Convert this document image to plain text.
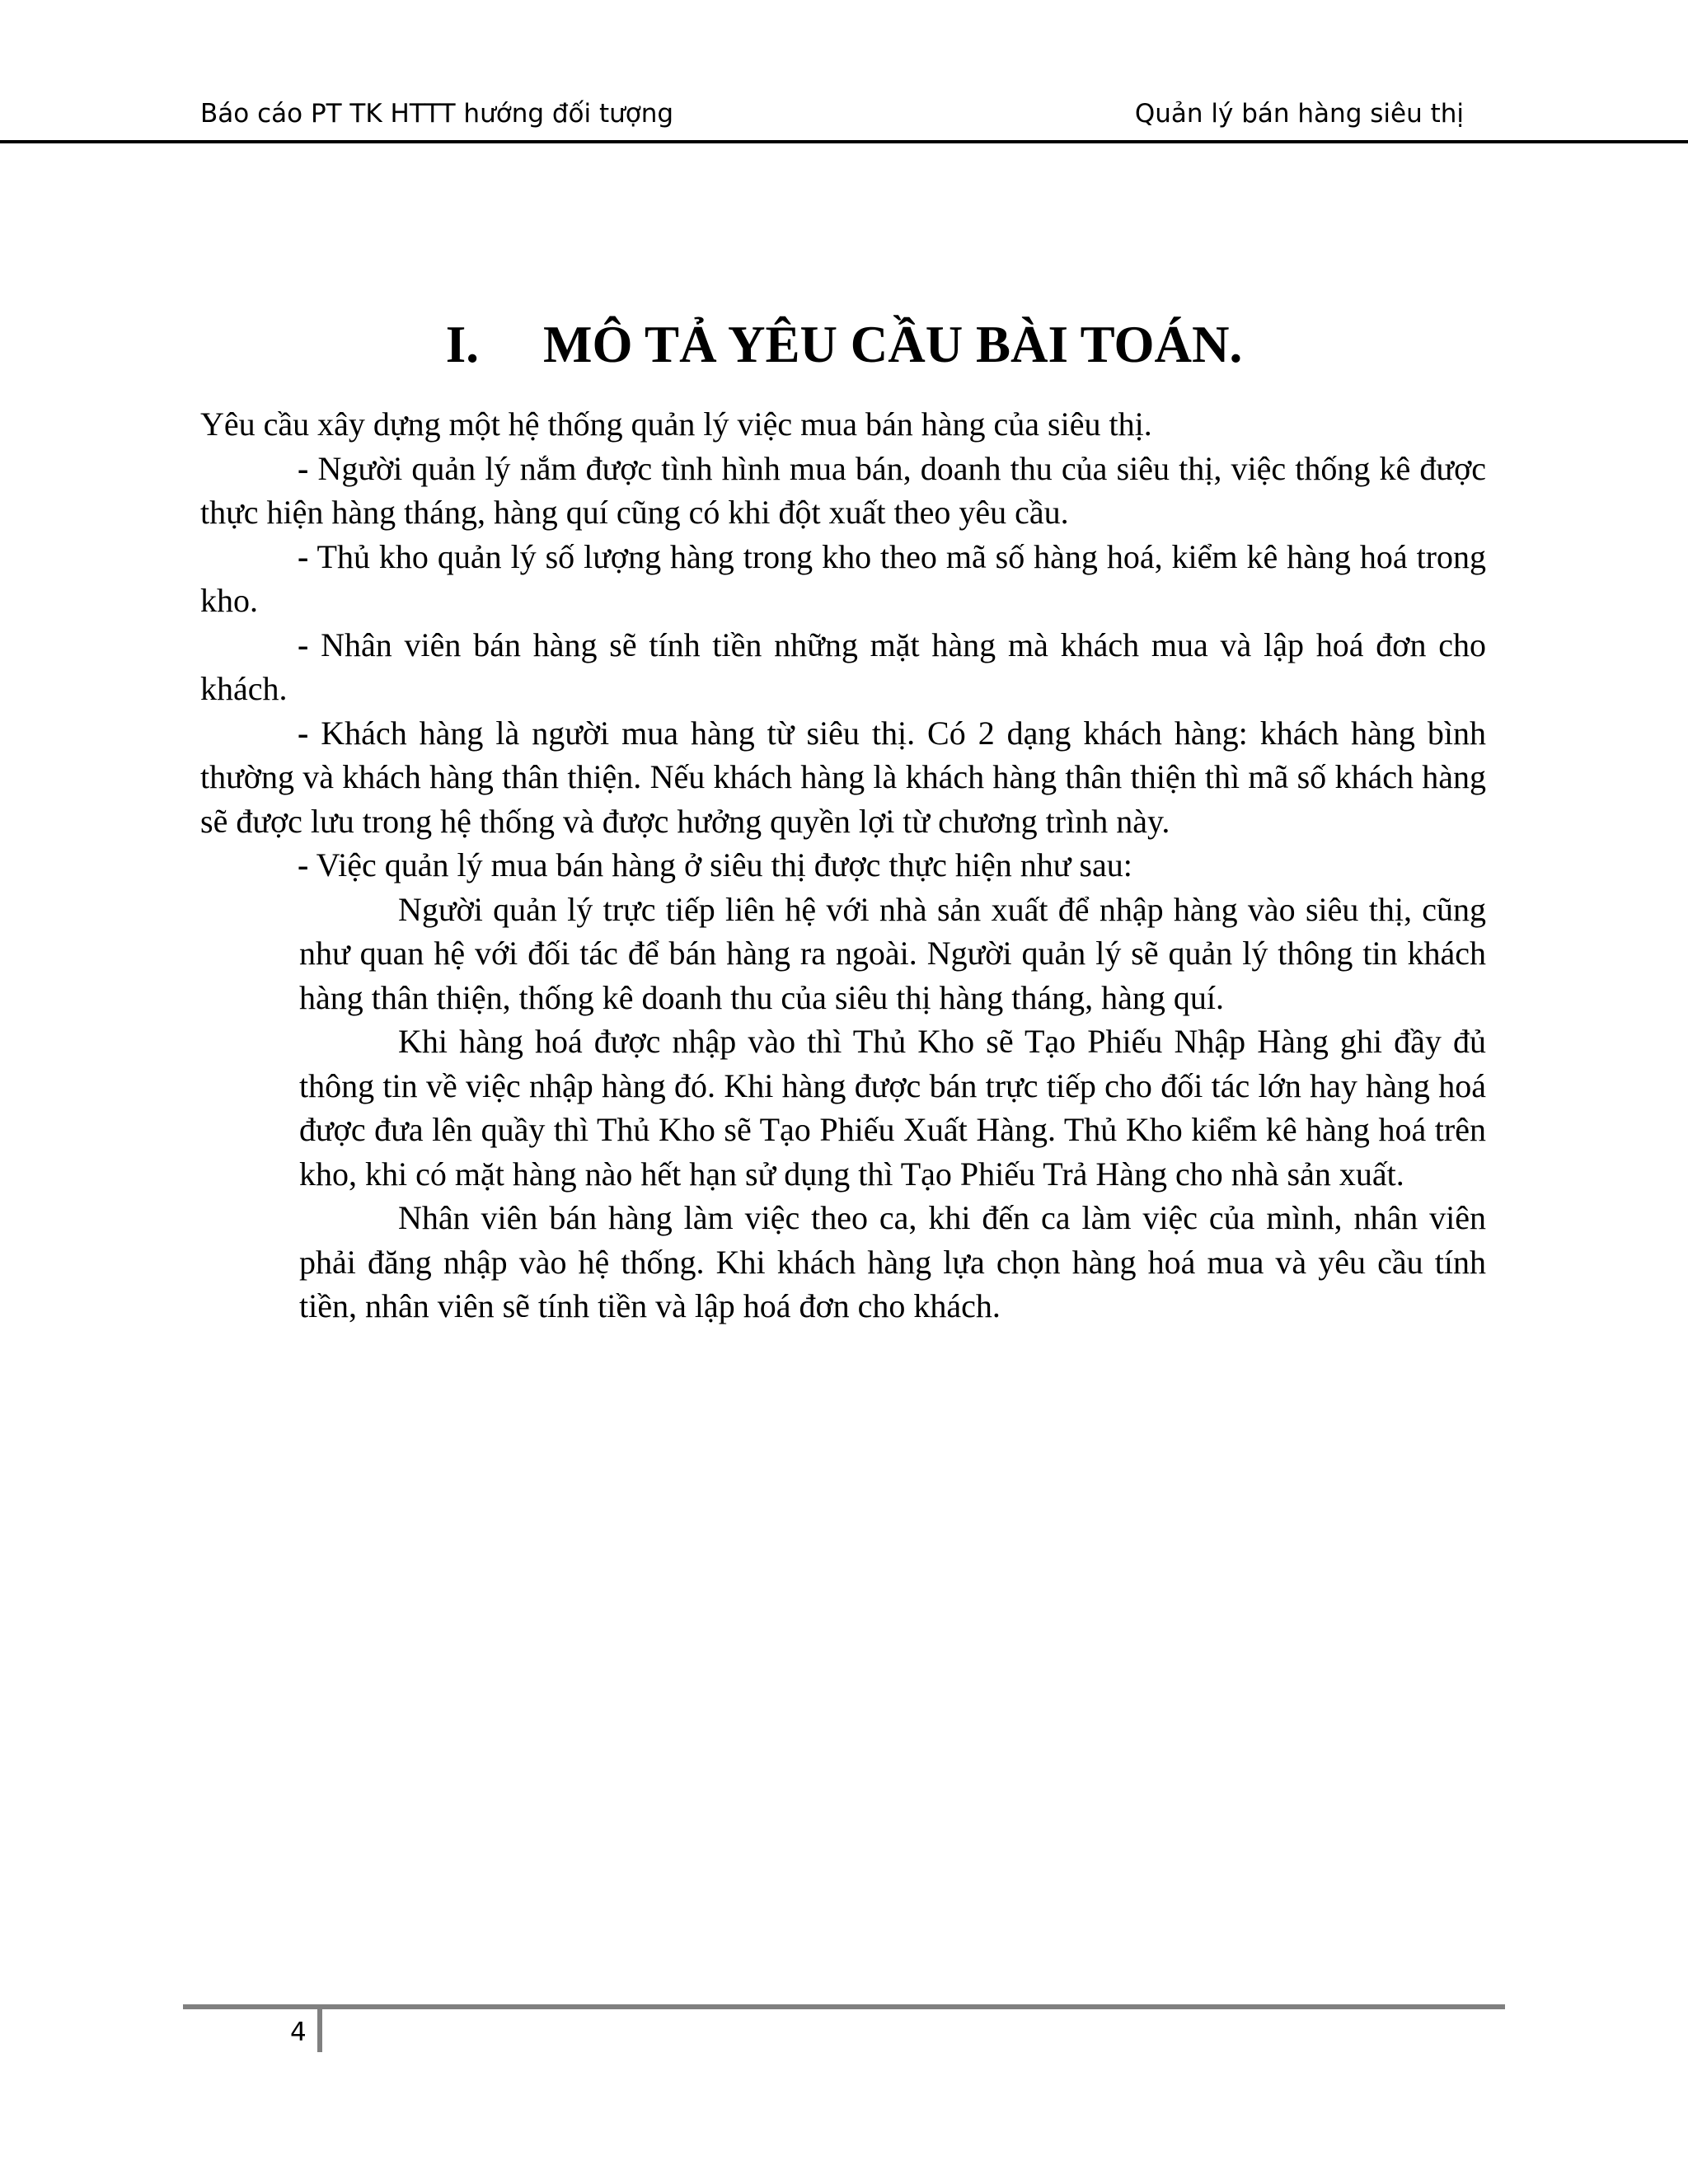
Báo cáo PT TK HTTT hướng đối tượng	Quản lý bán hàng siêu thị
I. MÔ TẢ YÊU CẦU BÀI TOÁN.

Yêu cầu xây dựng một hệ thống quản lý việc mua bán hàng của siêu thị.

- Người quản lý nắm được tình hình mua bán, doanh thu của siêu thị, việc thống kê được thực hiện hàng tháng, hàng quí cũng có khi đột xuất theo yêu cầu.

- Thủ kho quản lý số lượng hàng trong kho theo mã số hàng hoá, kiểm kê hàng hoá trong kho.

- Nhân viên bán hàng sẽ tính tiền những mặt hàng mà khách mua và lập hoá đơn cho khách.

- Khách hàng là người mua hàng từ siêu thị. Có 2 dạng khách hàng: khách hàng bình thường và khách hàng thân thiện. Nếu khách hàng là khách hàng thân thiện thì mã số khách hàng sẽ được lưu trong hệ thống và được hưởng quyền lợi từ chương trình này.

- Việc quản lý mua bán hàng ở siêu thị được thực hiện như sau:

Người quản lý trực tiếp liên hệ với nhà sản xuất để nhập hàng vào siêu thị, cũng như quan hệ với đối tác để bán hàng ra ngoài. Người quản lý sẽ quản lý thông tin khách hàng thân thiện, thống kê doanh thu của siêu thị hàng tháng, hàng quí.

Khi hàng hoá được nhập vào thì Thủ Kho sẽ Tạo Phiếu Nhập Hàng ghi đầy đủ thông tin về việc nhập hàng đó. Khi hàng được bán trực tiếp cho đối tác lớn hay hàng hoá được đưa lên quầy thì Thủ Kho sẽ Tạo Phiếu Xuất Hàng. Thủ Kho kiểm kê hàng hoá trên kho, khi có mặt hàng nào hết hạn sử dụng thì Tạo Phiếu Trả Hàng cho nhà sản xuất.

Nhân viên bán hàng làm việc theo ca, khi đến ca làm việc của mình, nhân viên phải đăng nhập vào hệ thống. Khi khách hàng lựa chọn hàng hoá mua và yêu cầu tính tiền, nhân viên sẽ tính tiền và lập hoá đơn cho khách.

4
